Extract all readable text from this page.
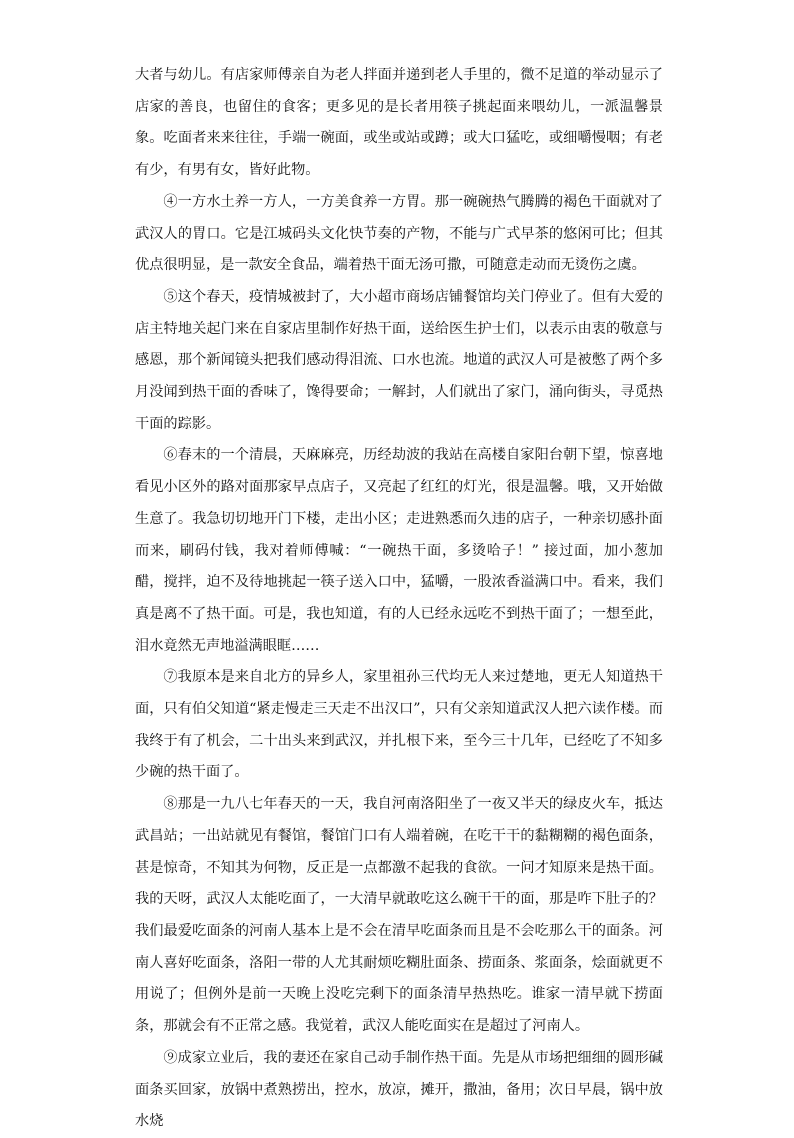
大者与幼儿。有店家师傅亲自为老人拌面并递到老人手里的，微不足道的举动显示了店家的善良，也留住的食客；更多见的是长者用筷子挑起面来喂幼儿，一派温馨景象。吃面者来来往往，手端一碗面，或坐或站或蹲；或大口猛吃，或细嚼慢咽；有老有少，有男有女，皆好此物。

④一方水土养一方人，一方美食养一方胃。那一碗碗热气腾腾的褐色干面就对了武汉人的胃口。它是江城码头文化快节奏的产物，不能与广式早茶的悠闲可比；但其优点很明显，是一款安全食品，端着热干面无汤可撒，可随意走动而无烫伤之虞。

⑤这个春天，疫情城被封了，大小超市商场店铺餐馆均关门停业了。但有大爱的店主特地关起门来在自家店里制作好热干面，送给医生护士们，以表示由衷的敬意与感恩，那个新闻镜头把我们感动得泪流、口水也流。地道的武汉人可是被憋了两个多月没闻到热干面的香味了，馋得要命；一解封，人们就出了家门，涌向街头，寻觅热干面的踪影。

⑥春末的一个清晨，天麻麻亮，历经劫波的我站在高楼自家阳台朝下望，惊喜地看见小区外的路对面那家早点店子，又亮起了红红的灯光，很是温馨。哦，又开始做生意了。我急切切地开门下楼，走出小区；走进熟悉而久违的店子，一种亲切感扑面而来，刷码付钱，我对着师傅喊：“一碗热干面，多烫哈子！” 接过面，加小葱加醋，搅拌，迫不及待地挑起一筷子送入口中，猛嚼，一股浓香溢满口中。看来，我们真是离不了热干面。可是，我也知道，有的人已经永远吃不到热干面了；一想至此，泪水竟然无声地溢满眼眶……

⑦我原本是来自北方的异乡人，家里祖孙三代均无人来过楚地，更无人知道热干面，只有伯父知道“紧走慢走三天走不出汉口”，只有父亲知道武汉人把六读作楼。而我终于有了机会，二十出头来到武汉，并扎根下来，至今三十几年，已经吃了不知多少碗的热干面了。

⑧那是一九八七年春天的一天，我自河南洛阳坐了一夜又半天的绿皮火车，抵达武昌站；一出站就见有餐馆，餐馆门口有人端着碗，在吃干干的黏糊糊的褐色面条，甚是惊奇，不知其为何物，反正是一点都激不起我的食欲。一问才知原来是热干面。我的天呀，武汉人太能吃面了，一大清早就敢吃这么碗干干的面，那是咋下肚子的？我们最爱吃面条的河南人基本上是不会在清早吃面条而且是不会吃那么干的面条。河南人喜好吃面条，洛阳一带的人尤其耐烦吃糊肚面条、捞面条、浆面条，烩面就更不用说了；但例外是前一天晚上没吃完剩下的面条清早热热吃。谁家一清早就下捞面条，那就会有不正常之感。我觉着，武汉人能吃面实在是超过了河南人。

⑨成家立业后，我的妻还在家自己动手制作热干面。先是从市场把细细的圆形碱面条买回家，放锅中煮熟捞出，控水，放凉，摊开，撒油，备用；次日早晨，锅中放水烧
